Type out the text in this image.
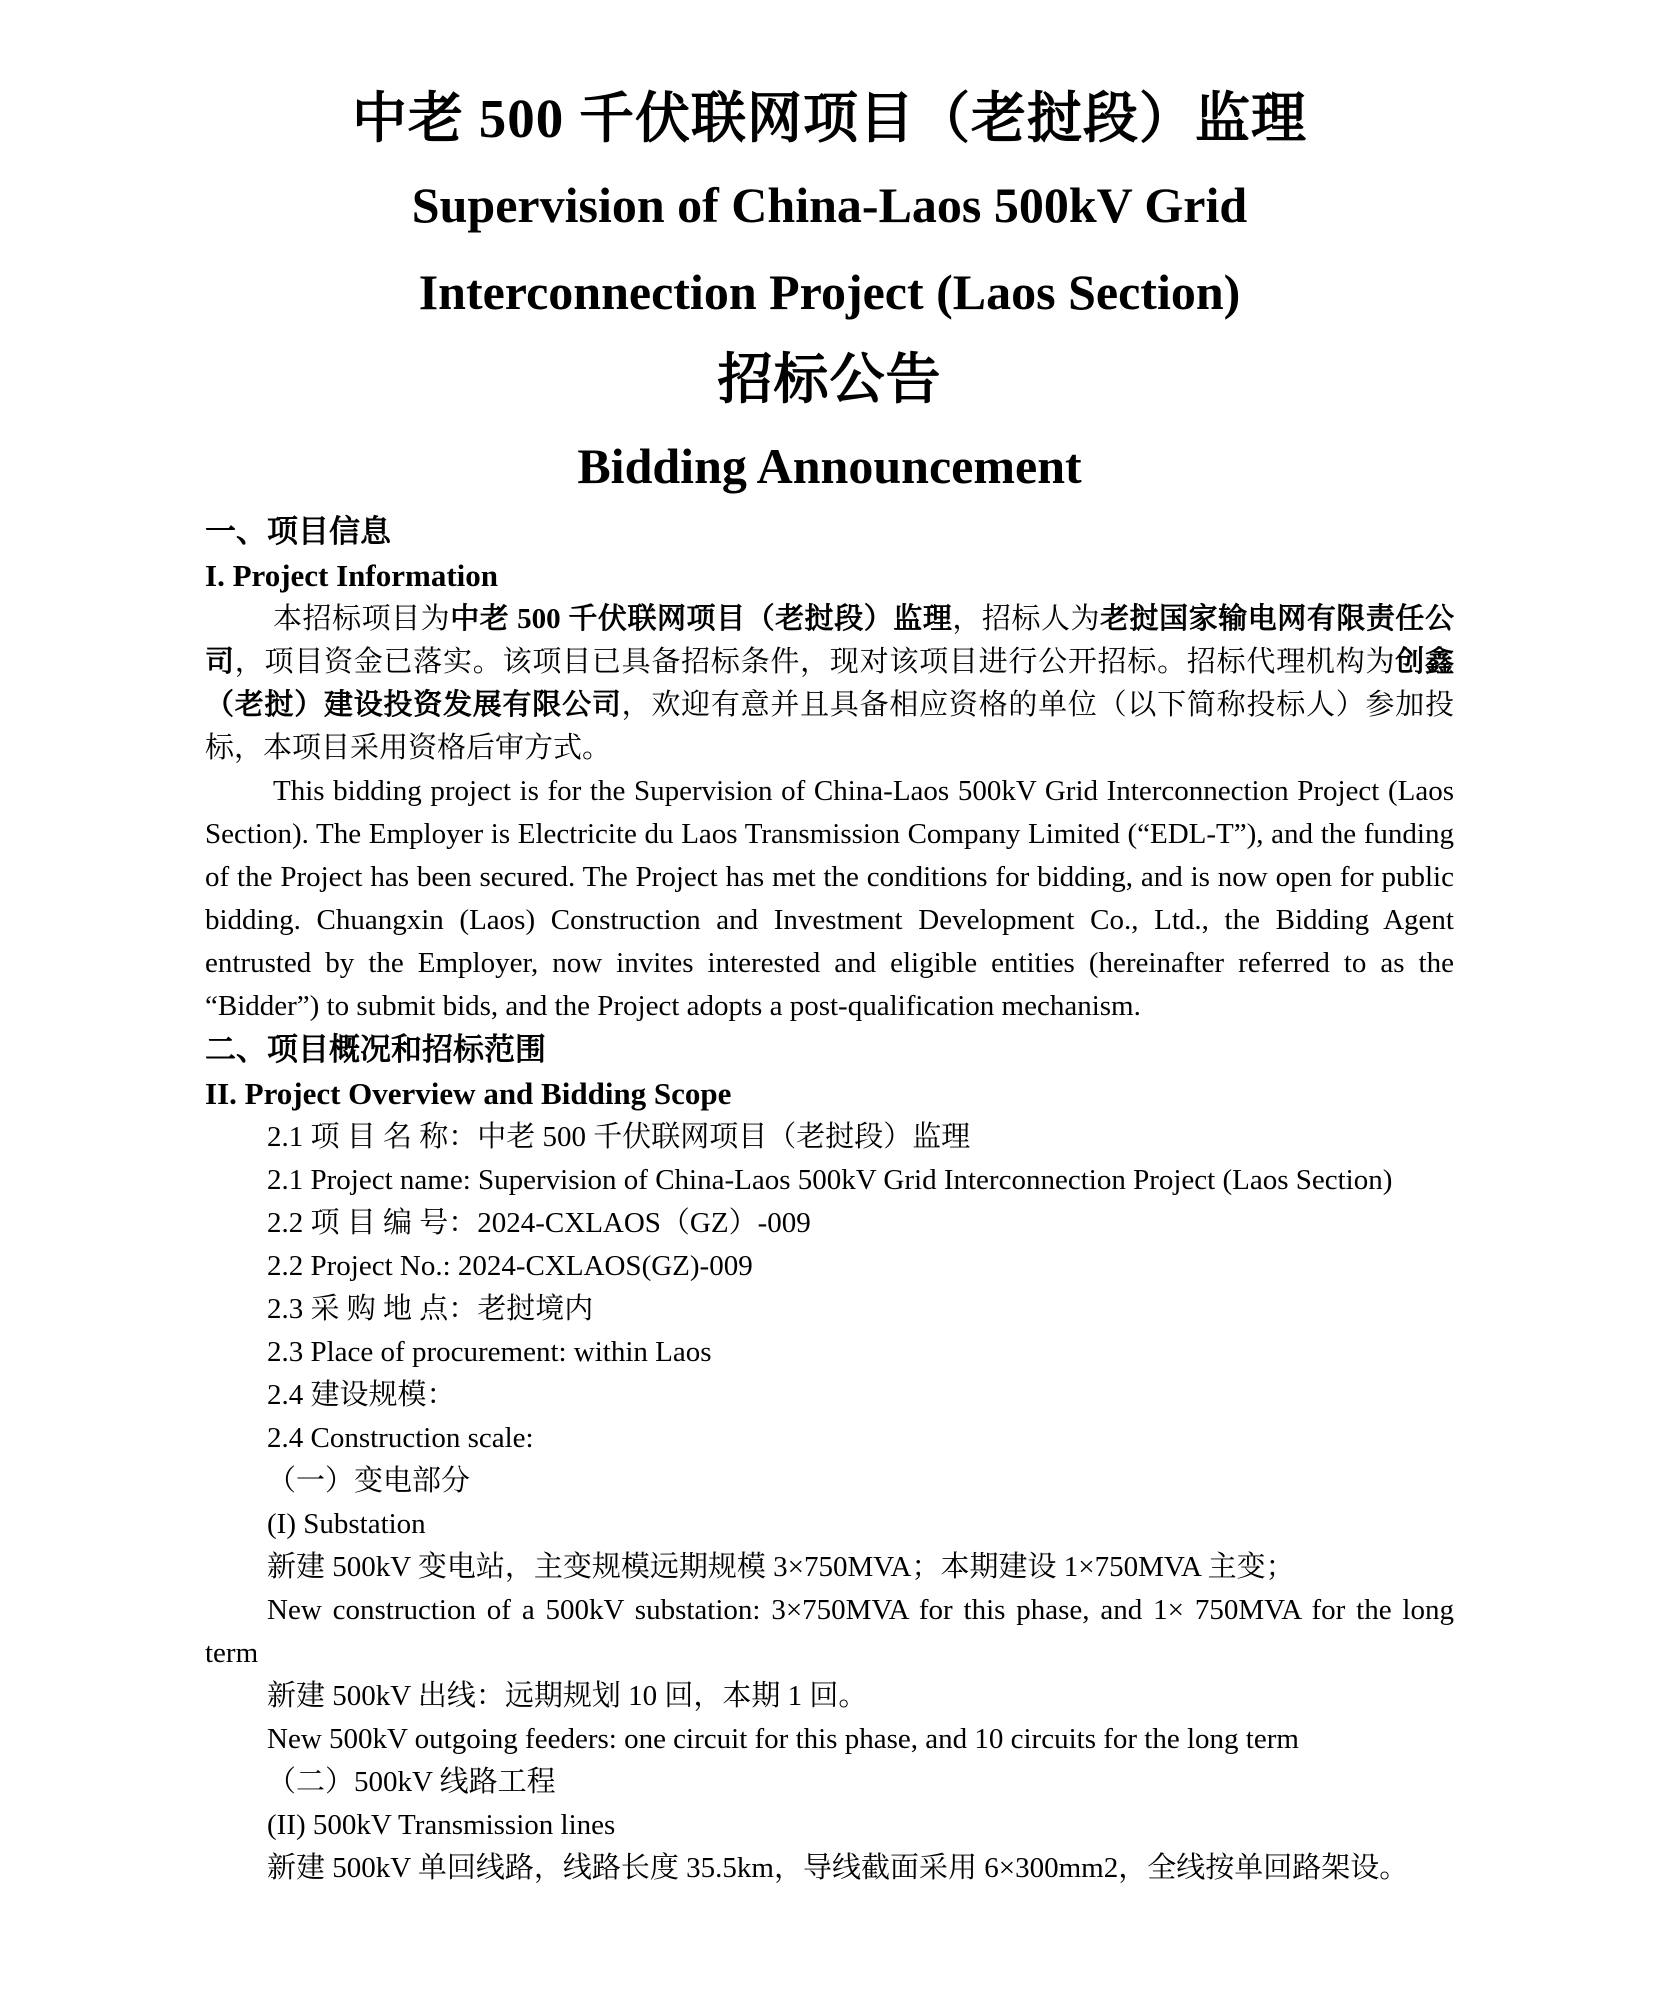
中老 500 千伏联网项目（老挝段）监理

Supervision of China-Laos 500kV Grid

Interconnection Project (Laos Section)

招标公告

Bidding Announcement

一、项目信息

I. Project Information

本招标项目为中老 500 千伏联网项目（老挝段）监理，招标人为老挝国家输电网有限责任公司，项目资金已落实。该项目已具备招标条件，现对该项目进行公开招标。招标代理机构为创鑫（老挝）建设投资发展有限公司，欢迎有意并且具备相应资格的单位（以下简称投标人）参加投标，本项目采用资格后审方式。

This bidding project is for the Supervision of China-Laos 500kV Grid Interconnection Project (Laos Section). The Employer is Electricite du Laos Transmission Company Limited (“EDL-T”), and the funding of the Project has been secured. The Project has met the conditions for bidding, and is now open for public bidding. Chuangxin (Laos) Construction and Investment Development Co., Ltd., the Bidding Agent entrusted by the Employer, now invites interested and eligible entities (hereinafter referred to as the “Bidder”) to submit bids, and the Project adopts a post-qualification mechanism.

二、项目概况和招标范围

II. Project Overview and Bidding Scope

2.1 项 目 名 称：中老 500 千伏联网项目（老挝段）监理

2.1 Project name: Supervision of China-Laos 500kV Grid Interconnection Project (Laos Section)

2.2 项 目 编 号：2024-CXLAOS（GZ）-009

2.2 Project No.: 2024-CXLAOS(GZ)-009

2.3 采 购 地 点：老挝境内

2.3 Place of procurement: within Laos

2.4 建设规模：

2.4 Construction scale:

（一）变电部分

(I) Substation

新建 500kV 变电站，主变规模远期规模 3×750MVA；本期建设 1×750MVA 主变；

New construction of a 500kV substation: 3×750MVA for this phase, and 1× 750MVA for the long term

新建 500kV 出线：远期规划 10 回，本期 1 回。

New 500kV outgoing feeders: one circuit for this phase, and 10 circuits for the long term

（二）500kV 线路工程

(II) 500kV Transmission lines

新建 500kV 单回线路，线路长度 35.5km，导线截面采用 6×300mm2，全线按单回路架设。
